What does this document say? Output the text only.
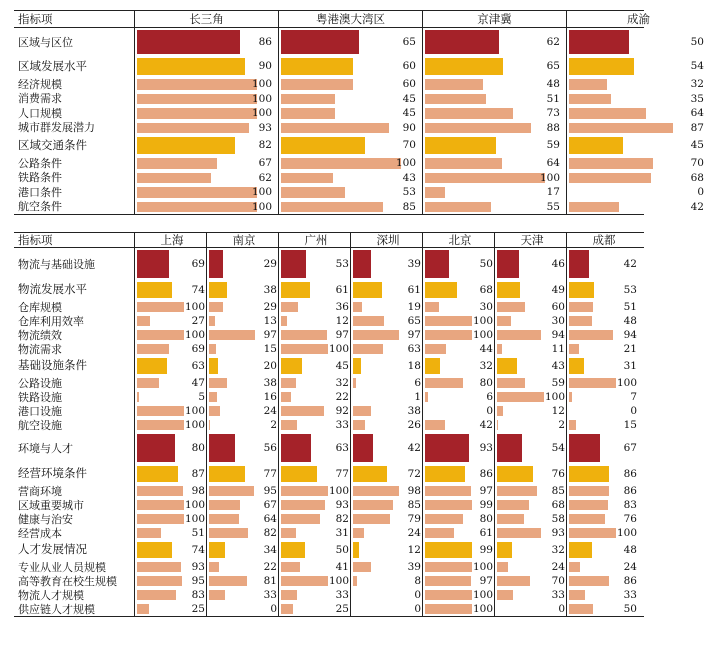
指标项	长三角	粤港澳大湾区	京津冀	成渝
区域与区位	86	65	62	50
区域发展水平	90	60	65	54
经济规模	100	60	48	32
消费需求	100	45	51	35
人口规模	100	45	73	64
城市群发展潜力	93	90	88	87
区域交通条件	82	70	59	45
公路条件	67	100	64	70
铁路条件	62	43	100	68
港口条件	100	53	17	0
航空条件	100	85	55	42
指标项	上海	南京	广州	深圳	北京	天津	成都
物流与基础设施	69	29	53	39	50	46	42
物流发展水平	74	38	61	61	68	49	53
仓库规模	100	29	36	19	30	60	51
仓库利用效率	27	13	12	65	100	30	48
物流绩效	100	97	97	97	100	94	94
物流需求	69	15	100	63	44	11	21
基础设施条件	63	20	45	18	32	43	31
公路设施	47	38	32	6	80	59	100
铁路设施	5	16	22	1	6	100	7
港口设施	100	24	92	38	0	12	0
航空设施	100	2	33	26	42	2	15
环境与人才	80	56	63	42	93	54	67
经营环境条件	87	77	77	72	86	76	86
营商环境	98	95	100	98	97	85	86
区域重要城市	100	67	93	85	99	68	83
健康与治安	100	64	82	79	80	58	76
经营成本	51	82	31	24	61	93	100
人才发展情况	74	34	50	12	99	32	48
专业从业人员规模	93	22	41	39	100	24	24
高等教育在校生规模	95	81	100	8	97	70	86
物流人才规模	83	33	33	0	100	33	33
供应链人才规模	25	0	25	0	100	0	50
